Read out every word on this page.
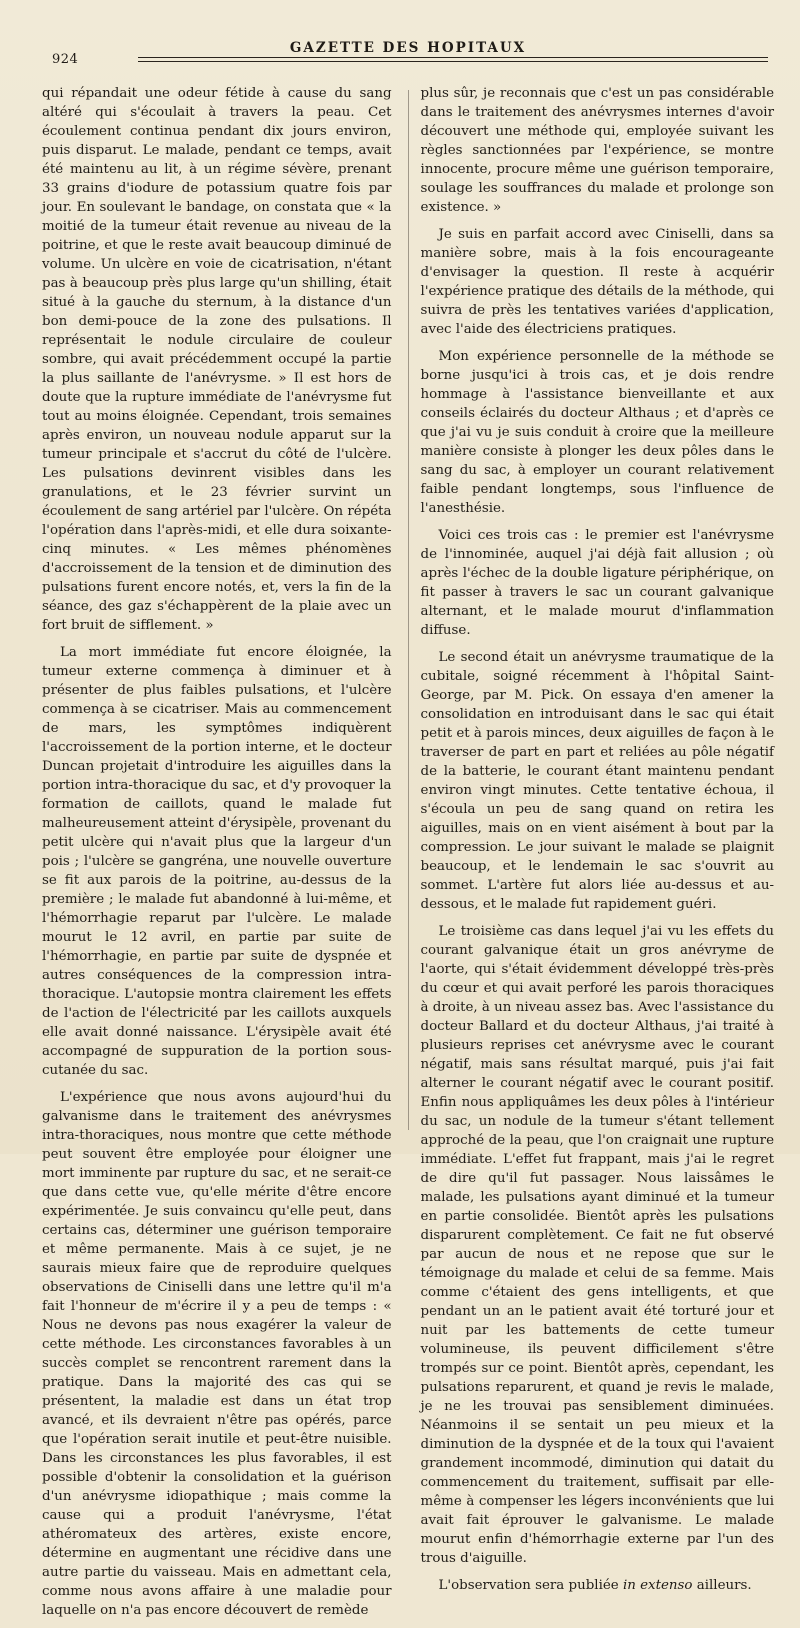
924
GAZETTE DES HOPITAUX

qui répandait une odeur fétide à cause du sang altéré qui s'écoulait à travers la peau. Cet écoulement continua pendant dix jours environ, puis disparut. Le malade, pendant ce temps, avait été maintenu au lit, à un régime sévère, prenant 33 grains d'iodure de potassium quatre fois par jour. En soulevant le bandage, on constata que « la moitié de la tumeur était revenue au niveau de la poitrine, et que le reste avait beaucoup diminué de volume. Un ulcère en voie de cicatrisation, n'étant pas à beaucoup près plus large qu'un shilling, était situé à la gauche du sternum, à la distance d'un bon demi-pouce de la zone des pulsations. Il représentait le nodule circulaire de couleur sombre, qui avait précédemment occupé la partie la plus saillante de l'anévrysme. » Il est hors de doute que la rupture immédiate de l'anévrysme fut tout au moins éloignée. Cependant, trois semaines après environ, un nouveau nodule apparut sur la tumeur principale et s'accrut du côté de l'ulcère. Les pulsations devinrent visibles dans les granulations, et le 23 février survint un écoulement de sang artériel par l'ulcère. On répéta l'opération dans l'après-midi, et elle dura soixante-cinq minutes. « Les mêmes phénomènes d'accroissement de la tension et de diminution des pulsations furent encore notés, et, vers la fin de la séance, des gaz s'échappèrent de la plaie avec un fort bruit de sifflement. »

La mort immédiate fut encore éloignée, la tumeur externe commença à diminuer et à présenter de plus faibles pulsations, et l'ulcère commença à se cicatriser. Mais au commencement de mars, les symptômes indiquèrent l'accroissement de la portion interne, et le docteur Duncan projetait d'introduire les aiguilles dans la portion intra-thoracique du sac, et d'y provoquer la formation de caillots, quand le malade fut malheureusement atteint d'érysipèle, provenant du petit ulcère qui n'avait plus que la largeur d'un pois ; l'ulcère se gangréna, une nouvelle ouverture se fit aux parois de la poitrine, au-dessus de la première ; le malade fut abandonné à lui-même, et l'hémorrhagie reparut par l'ulcère. Le malade mourut le 12 avril, en partie par suite de l'hémorrhagie, en partie par suite de dyspnée et autres conséquences de la compression intra-thoracique. L'autopsie montra clairement les effets de l'action de l'électricité par les caillots auxquels elle avait donné naissance. L'érysipèle avait été accompagné de suppuration de la portion sous-cutanée du sac.

L'expérience que nous avons aujourd'hui du galvanisme dans le traitement des anévrysmes intra-thoraciques, nous montre que cette méthode peut souvent être employée pour éloigner une mort imminente par rupture du sac, et ne serait-ce que dans cette vue, qu'elle mérite d'être encore expérimentée. Je suis convaincu qu'elle peut, dans certains cas, déterminer une guérison temporaire et même permanente. Mais à ce sujet, je ne saurais mieux faire que de reproduire quelques observations de Ciniselli dans une lettre qu'il m'a fait l'honneur de m'écrire il y a peu de temps : « Nous ne devons pas nous exagérer la valeur de cette méthode. Les circonstances favorables à un succès complet se rencontrent rarement dans la pratique. Dans la majorité des cas qui se présentent, la maladie est dans un état trop avancé, et ils devraient n'être pas opérés, parce que l'opération serait inutile et peut-être nuisible. Dans les circonstances les plus favorables, il est possible d'obtenir la consolidation et la guérison d'un anévrysme idiopathique ; mais comme la cause qui a produit l'anévrysme, l'état athéromateux des artères, existe encore, détermine en augmentant une récidive dans une autre partie du vaisseau. Mais en admettant cela, comme nous avons affaire à une maladie pour laquelle on n'a pas encore découvert de remède

plus sûr, je reconnais que c'est un pas considérable dans le traitement des anévrysmes internes d'avoir découvert une méthode qui, employée suivant les règles sanctionnées par l'expérience, se montre innocente, procure même une guérison temporaire, soulage les souffrances du malade et prolonge son existence. »

Je suis en parfait accord avec Ciniselli, dans sa manière sobre, mais à la fois encourageante d'envisager la question. Il reste à acquérir l'expérience pratique des détails de la méthode, qui suivra de près les tentatives variées d'application, avec l'aide des électriciens pratiques.

Mon expérience personnelle de la méthode se borne jusqu'ici à trois cas, et je dois rendre hommage à l'assistance bienveillante et aux conseils éclairés du docteur Althaus ; et d'après ce que j'ai vu je suis conduit à croire que la meilleure manière consiste à plonger les deux pôles dans le sang du sac, à employer un courant relativement faible pendant longtemps, sous l'influence de l'anesthésie.

Voici ces trois cas : le premier est l'anévrysme de l'innominée, auquel j'ai déjà fait allusion ; où après l'échec de la double ligature périphérique, on fit passer à travers le sac un courant galvanique alternant, et le malade mourut d'inflammation diffuse.

Le second était un anévrysme traumatique de la cubitale, soigné récemment à l'hôpital Saint-George, par M. Pick. On essaya d'en amener la consolidation en introduisant dans le sac qui était petit et à parois minces, deux aiguilles de façon à le traverser de part en part et reliées au pôle négatif de la batterie, le courant étant maintenu pendant environ vingt minutes. Cette tentative échoua, il s'écoula un peu de sang quand on retira les aiguilles, mais on en vient aisément à bout par la compression. Le jour suivant le malade se plaignit beaucoup, et le lendemain le sac s'ouvrit au sommet. L'artère fut alors liée au-dessus et au-dessous, et le malade fut rapidement guéri.

Le troisième cas dans lequel j'ai vu les effets du courant galvanique était un gros anévryme de l'aorte, qui s'était évidemment développé très-près du cœur et qui avait perforé les parois thoraciques à droite, à un niveau assez bas. Avec l'assistance du docteur Ballard et du docteur Althaus, j'ai traité à plusieurs reprises cet anévrysme avec le courant négatif, mais sans résultat marqué, puis j'ai fait alterner le courant négatif avec le courant positif. Enfin nous appliquâmes les deux pôles à l'intérieur du sac, un nodule de la tumeur s'étant tellement approché de la peau, que l'on craignait une rupture immédiate. L'effet fut frappant, mais j'ai le regret de dire qu'il fut passager. Nous laissâmes le malade, les pulsations ayant diminué et la tumeur en partie consolidée. Bientôt après les pulsations disparurent complètement. Ce fait ne fut observé par aucun de nous et ne repose que sur le témoignage du malade et celui de sa femme. Mais comme c'étaient des gens intelligents, et que pendant un an le patient avait été torturé jour et nuit par les battements de cette tumeur volumineuse, ils peuvent difficilement s'être trompés sur ce point. Bientôt après, cependant, les pulsations reparurent, et quand je revis le malade, je ne les trouvai pas sensiblement diminuées. Néanmoins il se sentait un peu mieux et la diminution de la dyspnée et de la toux qui l'avaient grandement incommodé, diminution qui datait du commencement du traitement, suffisait par elle-même à compenser les légers inconvénients que lui avait fait éprouver le galvanisme. Le malade mourut enfin d'hémorrhagie externe par l'un des trous d'aiguille.

L'observation sera publiée in extenso ailleurs.
